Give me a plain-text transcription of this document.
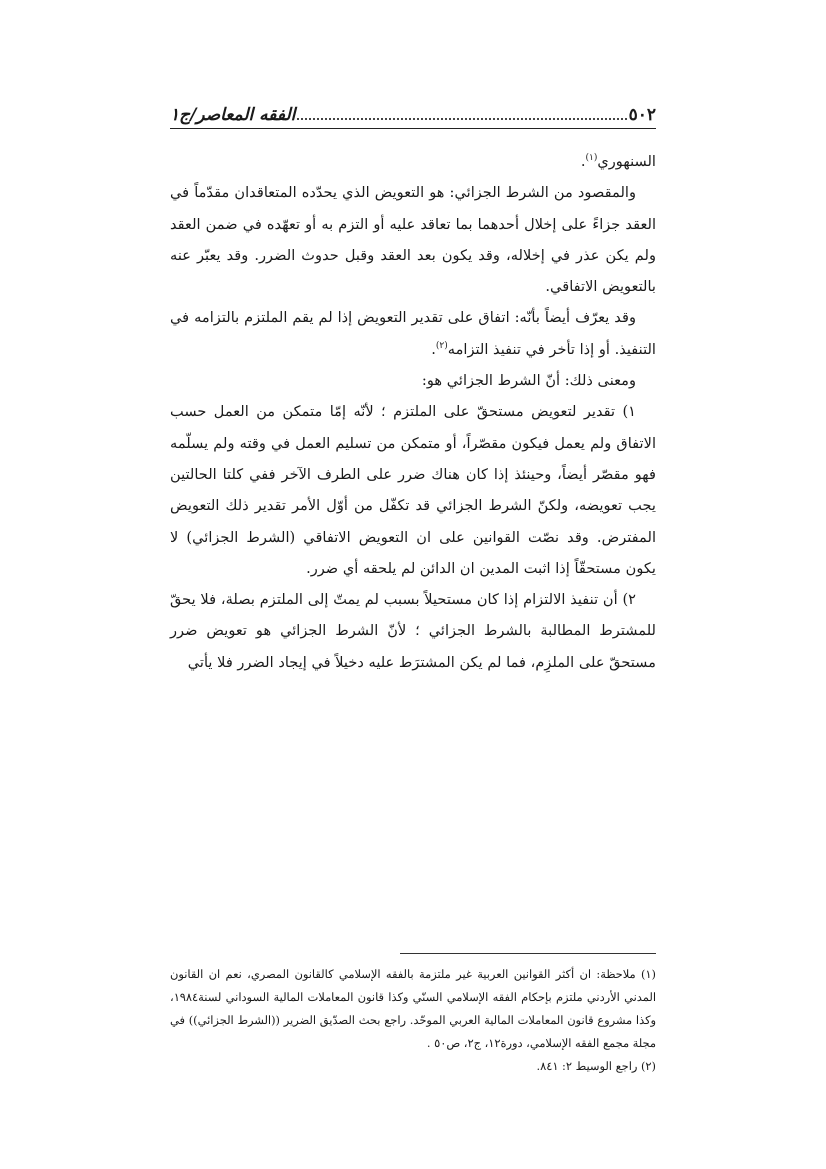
الفقه المعاصر/ج١	٥٠٢

السنهوري$^{(١)}$.

والمقصود من الشرط الجزائي: هو التعويض الذي يحدّده المتعاقدان مقدّماً في العقد جزاءً على إخلال أحدهما بما تعاقد عليه أو التزم به أو تعهّده في ضمن العقد ولم يكن عذر في إخلاله، وقد يكون بعد العقد وقبل حدوث الضرر. وقد يعبّر عنه بالتعويض الاتفاقي.

وقد يعرّف أيضاً بأنّه: اتفاق على تقدير التعويض إذا لم يقم الملتزم بالتزامه في التنفيذ. أو إذا تأخر في تنفيذ التزامه$^{(٢)}$.

ومعنى ذلك: أنّ الشرط الجزائي هو:

١) تقدير لتعويض مستحقّ على الملتزم ؛ لأنّه إمّا متمكن من العمل حسب الاتفاق ولم يعمل فيكون مقصّراً، أو متمكن من تسليم العمل في وقته ولم يسلّمه فهو مقصّر أيضاً، وحينئذ إذا كان هناك ضرر على الطرف الآخر ففي كلتا الحالتين يجب تعويضه، ولكنّ الشرط الجزائي قد تكفّل من أوّل الأمر تقدير ذلك التعويض المفترض. وقد نصّت القوانين على ان التعويض الاتفاقي (الشرط الجزائي) لا يكون مستحقّاً إذا اثبت المدين ان الدائن لم يلحقه أي ضرر.

٢) أن تنفيذ الالتزام إذا كان مستحيلاً بسبب لم يمتّ إلى الملتزم بصلة، فلا يحقّ للمشترط المطالبة بالشرط الجزائي ؛ لأنّ الشرط الجزائي هو تعويض ضرر مستحقّ على الملزِم، فما لم يكن المشترَط عليه دخيلاً في إيجاد الضرر فلا يأتي

(١) ملاحظة: ان أكثر القوانين العربية غير ملتزمة بالفقه الإسلامي كالقانون المصري، نعم ان القانون المدني الأردني ملتزم بإحكام الفقه الإسلامي السنّي وكذا قانون المعاملات المالية السوداني لسنة١٩٨٤، وكذا مشروع قانون المعاملات المالية العربي الموحّد. راجع بحث الصدّيق الضرير ((الشرط الجزائي)) في مجلة مجمع الفقه الإسلامي، دورة١٢، ج٢، ص٥٠ .

(٢) راجع الوسيط ٢: ٨٤١.
